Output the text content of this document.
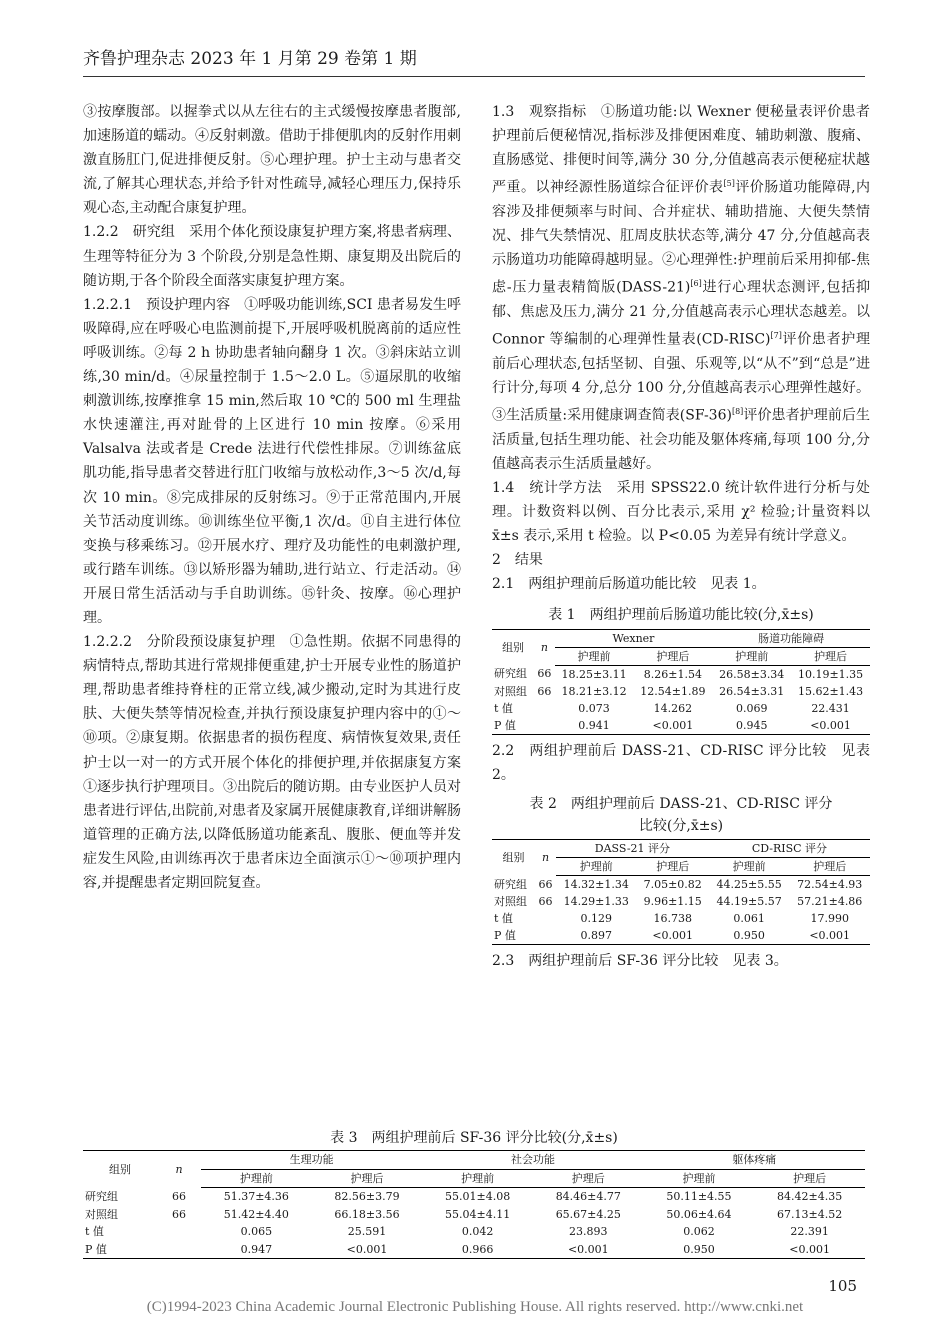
齐鲁护理杂志 2023 年 1 月第 29 卷第 1 期

③按摩腹部。以握拳式以从左往右的主式缓慢按摩患者腹部,加速肠道的蠕动。④反射刺激。借助于排便肌肉的反射作用刺激直肠肛门,促进排便反射。⑤心理护理。护士主动与患者交流,了解其心理状态,并给予针对性疏导,减轻心理压力,保持乐观心态,主动配合康复护理。

1.2.2　研究组　采用个体化预设康复护理方案,将患者病理、生理等特征分为 3 个阶段,分别是急性期、康复期及出院后的随访期,于各个阶段全面落实康复护理方案。

1.2.2.1　预设护理内容　①呼吸功能训练,SCI 患者易发生呼吸障碍,应在呼吸心电监测前提下,开展呼吸机脱离前的适应性呼吸训练。②每 2 h 协助患者轴向翻身 1 次。③斜床站立训练,30 min/d。④尿量控制于 1.5～2.0 L。⑤逼尿肌的收缩刺激训练,按摩推拿 15 min,然后取 10 ℃的 500 ml 生理盐水快速灌注,再对趾骨的上区进行 10 min 按摩。⑥采用 Valsalva 法或者是 Crede 法进行代偿性排尿。⑦训练盆底肌功能,指导患者交替进行肛门收缩与放松动作,3～5 次/d,每次 10 min。⑧完成排尿的反射练习。⑨于正常范围内,开展关节活动度训练。⑩训练坐位平衡,1 次/d。⑪自主进行体位变换与移乘练习。⑫开展水疗、理疗及功能性的电刺激护理,或行踏车训练。⑬以矫形器为辅助,进行站立、行走活动。⑭开展日常生活活动与手自助训练。⑮针灸、按摩。⑯心理护理。

1.2.2.2　分阶段预设康复护理　①急性期。依据不同患得的病情特点,帮助其进行常规排便重建,护士开展专业性的肠道护理,帮助患者维持脊柱的正常立线,减少搬动,定时为其进行皮肤、大便失禁等情况检查,并执行预设康复护理内容中的①～⑩项。②康复期。依据患者的损伤程度、病情恢复效果,责任护士以一对一的方式开展个体化的排便护理,并依据康复方案①逐步执行护理项目。③出院后的随访期。由专业医护人员对患者进行评估,出院前,对患者及家属开展健康教育,详细讲解肠道管理的正确方法,以降低肠道功能紊乱、腹胀、便血等并发症发生风险,由训练再次于患者床边全面演示①～⑩项护理内容,并提醒患者定期回院复查。

1.3　观察指标　①肠道功能:以 Wexner 便秘量表评价患者护理前后便秘情况,指标涉及排便困难度、辅助刺激、腹痛、直肠感觉、排便时间等,满分 30 分,分值越高表示便秘症状越严重。以神经源性肠道综合征评价表[5]评价肠道功能障碍,内容涉及排便频率与时间、合并症状、辅助措施、大便失禁情况、排气失禁情况、肛周皮肤状态等,满分 47 分,分值越高表示肠道功功能障碍越明显。②心理弹性:护理前后采用抑郁-焦虑-压力量表精简版(DASS-21)[6]进行心理状态测评,包括抑郁、焦虑及压力,满分 21 分,分值越高表示心理状态越差。以 Connor 等编制的心理弹性量表(CD-RISC)[7]评价患者护理前后心理状态,包括坚韧、自强、乐观等,以“从不”到“总是”进行计分,每项 4 分,总分 100 分,分值越高表示心理弹性越好。③生活质量:采用健康调查简表(SF-36)[8]评价患者护理前后生活质量,包括生理功能、社会功能及躯体疼痛,每项 100 分,分值越高表示生活质量越好。

1.4　统计学方法　采用 SPSS22.0 统计软件进行分析与处理。计数资料以例、百分比表示,采用 χ² 检验;计量资料以 x̄±s 表示,采用 t 检验。以 P<0.05 为差异有统计学意义。

2　结果

2.1　两组护理前后肠道功能比较　见表 1。

表 1　两组护理前后肠道功能比较(分,x̄±s)
组别	n	Wexner		肠道功能障碍	
		护理前	护理后	护理前	护理后
研究组	66	18.25±3.11	8.26±1.54	26.58±3.34	10.19±1.35
对照组	66	18.21±3.12	12.54±1.89	26.54±3.31	15.62±1.43
t 值		0.073	14.262	0.069	22.431
P 值		0.941	<0.001	0.945	<0.001

2.2　两组护理前后 DASS-21、CD-RISC 评分比较　见表 2。

表 2　两组护理前后 DASS-21、CD-RISC 评分
比较(分,x̄±s)
组别	n	DASS-21 评分		CD-RISC 评分	
		护理前	护理后	护理前	护理后
研究组	66	14.32±1.34	7.05±0.82	44.25±5.55	72.54±4.93
对照组	66	14.29±1.33	9.96±1.15	44.19±5.57	57.21±4.86
t 值		0.129	16.738	0.061	17.990
P 值		0.897	<0.001	0.950	<0.001

2.3　两组护理前后 SF-36 评分比较　见表 3。

表 3　两组护理前后 SF-36 评分比较(分,x̄±s)
组别	n	生理功能		社会功能		躯体疼痛	
		护理前	护理后	护理前	护理后	护理前	护理后
研究组	66	51.37±4.36	82.56±3.79	55.01±4.08	84.46±4.77	50.11±4.55	84.42±4.35
对照组	66	51.42±4.40	66.18±3.56	55.04±4.11	65.67±4.25	50.06±4.64	67.13±4.52
t 值		0.065	25.591	0.042	23.893	0.062	22.391
P 值		0.947	<0.001	0.966	<0.001	0.950	<0.001
105
(C)1994-2023 China Academic Journal Electronic Publishing House. All rights reserved. http://www.cnki.net
